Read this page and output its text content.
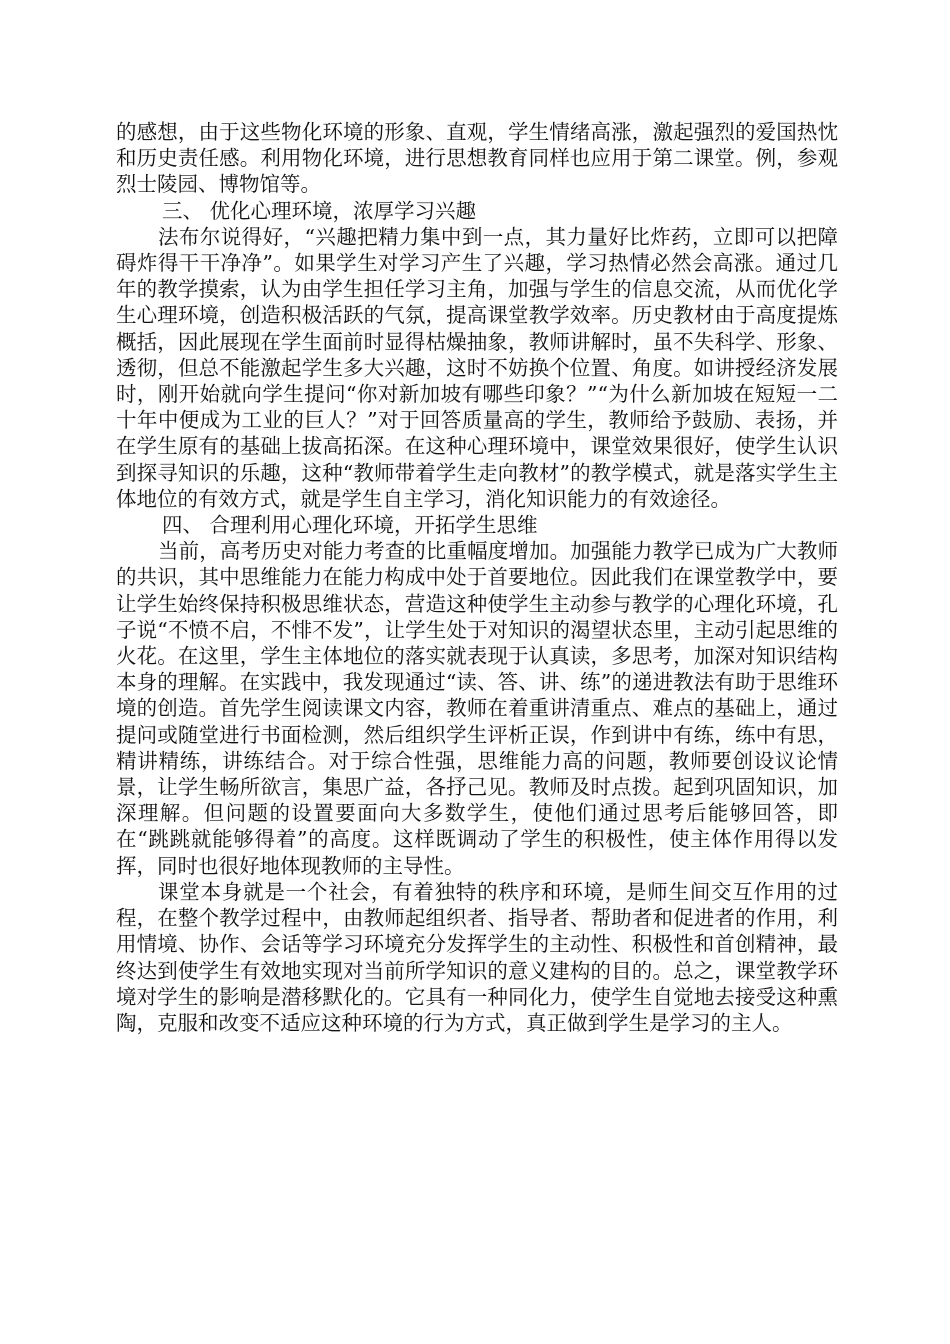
的感想，由于这些物化环境的形象、直观，学生情绪高涨，激起强烈的爱国热忱和历史责任感。利用物化环境，进行思想教育同样也应用于第二课堂。例，参观烈士陵园、博物馆等。

三、 优化心理环境，浓厚学习兴趣

法布尔说得好，“兴趣把精力集中到一点，其力量好比炸药，立即可以把障碍炸得干干净净”。如果学生对学习产生了兴趣，学习热情必然会高涨。通过几年的教学摸索，认为由学生担任学习主角，加强与学生的信息交流，从而优化学生心理环境，创造积极活跃的气氛，提高课堂教学效率。历史教材由于高度提炼概括，因此展现在学生面前时显得枯燥抽象，教师讲解时，虽不失科学、形象、透彻，但总不能激起学生多大兴趣，这时不妨换个位置、角度。如讲授经济发展时，刚开始就向学生提问“你对新加坡有哪些印象？”“为什么新加坡在短短一二十年中便成为工业的巨人？”对于回答质量高的学生，教师给予鼓励、表扬，并在学生原有的基础上拔高拓深。在这种心理环境中，课堂效果很好，使学生认识到探寻知识的乐趣，这种“教师带着学生走向教材”的教学模式，就是落实学生主体地位的有效方式，就是学生自主学习，消化知识能力的有效途径。

四、 合理利用心理化环境，开拓学生思维

当前，高考历史对能力考查的比重幅度增加。加强能力教学已成为广大教师的共识，其中思维能力在能力构成中处于首要地位。因此我们在课堂教学中，要让学生始终保持积极思维状态，营造这种使学生主动参与教学的心理化环境，孔子说“不愤不启，不悱不发”，让学生处于对知识的渴望状态里，主动引起思维的火花。在这里，学生主体地位的落实就表现于认真读，多思考，加深对知识结构本身的理解。在实践中，我发现通过“读、答、讲、练”的递进教法有助于思维环境的创造。首先学生阅读课文内容，教师在着重讲清重点、难点的基础上，通过提问或随堂进行书面检测，然后组织学生评析正误，作到讲中有练，练中有思，精讲精练，讲练结合。对于综合性强，思维能力高的问题，教师要创设议论情景，让学生畅所欲言，集思广益，各抒己见。教师及时点拨。起到巩固知识，加深理解。但问题的设置要面向大多数学生，使他们通过思考后能够回答，即在“跳跳就能够得着”的高度。这样既调动了学生的积极性，使主体作用得以发挥，同时也很好地体现教师的主导性。

课堂本身就是一个社会，有着独特的秩序和环境，是师生间交互作用的过程，在整个教学过程中，由教师起组织者、指导者、帮助者和促进者的作用，利用情境、协作、会话等学习环境充分发挥学生的主动性、积极性和首创精神，最终达到使学生有效地实现对当前所学知识的意义建构的目的。总之，课堂教学环境对学生的影响是潜移默化的。它具有一种同化力，使学生自觉地去接受这种熏陶，克服和改变不适应这种环境的行为方式，真正做到学生是学习的主人。
